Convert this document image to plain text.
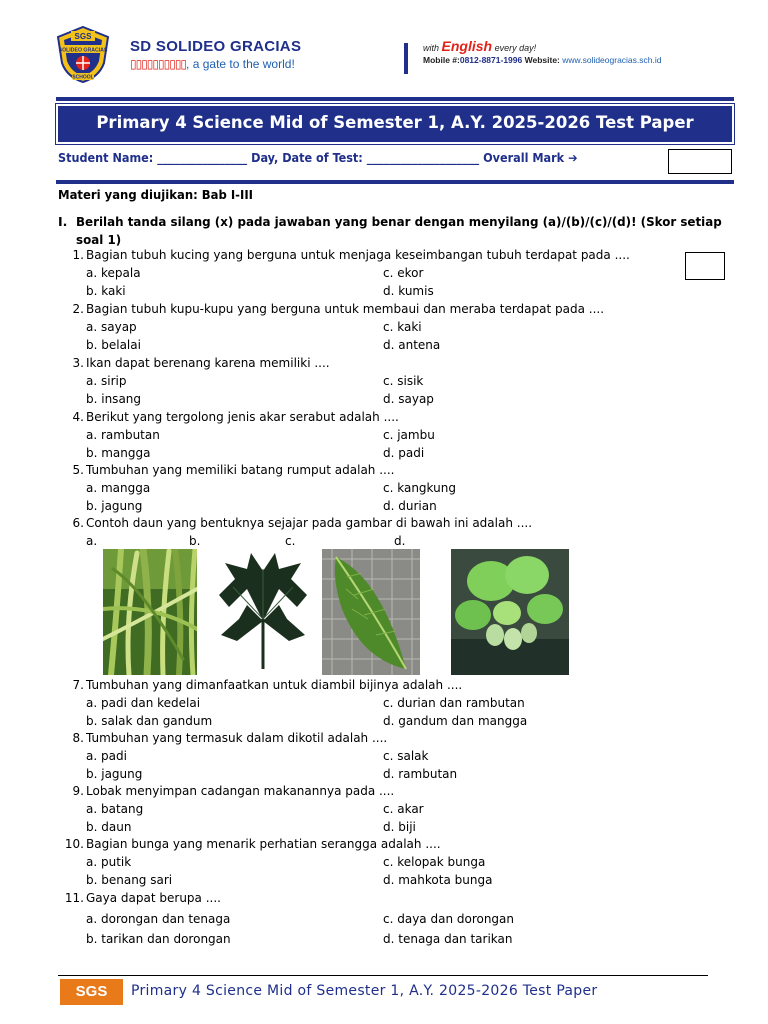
SGS
SOLIDEO GRACIAS
SCHOOL
SD SOLIDEO GRACIAS
▯▯▯▯▯▯▯▯▯▯, a gate to the world!
with English every day!
Mobile #:0812-8871-1996 Website: www.solideogracias.sch.id
Primary 4 Science Mid of Semester 1, A.Y. 2025-2026 Test Paper
Student Name: ________________ Day, Date of Test: ____________________ Overall Mark ➔
Materi yang diujikan: Bab I-III
I. Berilah tanda silang (x) pada jawaban yang benar dengan menyilang (a)/(b)/(c)/(d)! (Skor setiap soal 1)
1. Bagian tubuh kucing yang berguna untuk menjaga keseimbangan tubuh terdapat pada ....
a. kepala	c. ekor
b. kaki	d. kumis
2. Bagian tubuh kupu-kupu yang berguna untuk membaui dan meraba terdapat pada ....
a. sayap	c. kaki
b. belalai	d. antena
3. Ikan dapat berenang karena memiliki ....
a. sirip	c. sisik
b. insang	d. sayap
4. Berikut yang tergolong jenis akar serabut adalah ....
a. rambutan	c. jambu
b. mangga	d. padi
5. Tumbuhan yang memiliki batang rumput adalah ....
a. mangga	c. kangkung
b. jagung	d. durian
6. Contoh daun yang bentuknya sejajar pada gambar di bawah ini adalah ....
a.	b.	c.	d.
7. Tumbuhan yang dimanfaatkan untuk diambil bijinya adalah ....
a. padi dan kedelai	c. durian dan rambutan
b. salak dan gandum	d. gandum dan mangga
8. Tumbuhan yang termasuk dalam dikotil adalah ....
a. padi	c. salak
b. jagung	d. rambutan
9. Lobak menyimpan cadangan makanannya pada ....
a. batang	c. akar
b. daun	d. biji
10. Bagian bunga yang menarik perhatian serangga adalah ....
a. putik	c. kelopak bunga
b. benang sari	d. mahkota bunga
11. Gaya dapat berupa ....
a. dorongan dan tenaga	c. daya dan dorongan
b. tarikan dan dorongan	d. tenaga dan tarikan
SGS	Primary 4 Science Mid of Semester 1, A.Y. 2025-2026 Test Paper
